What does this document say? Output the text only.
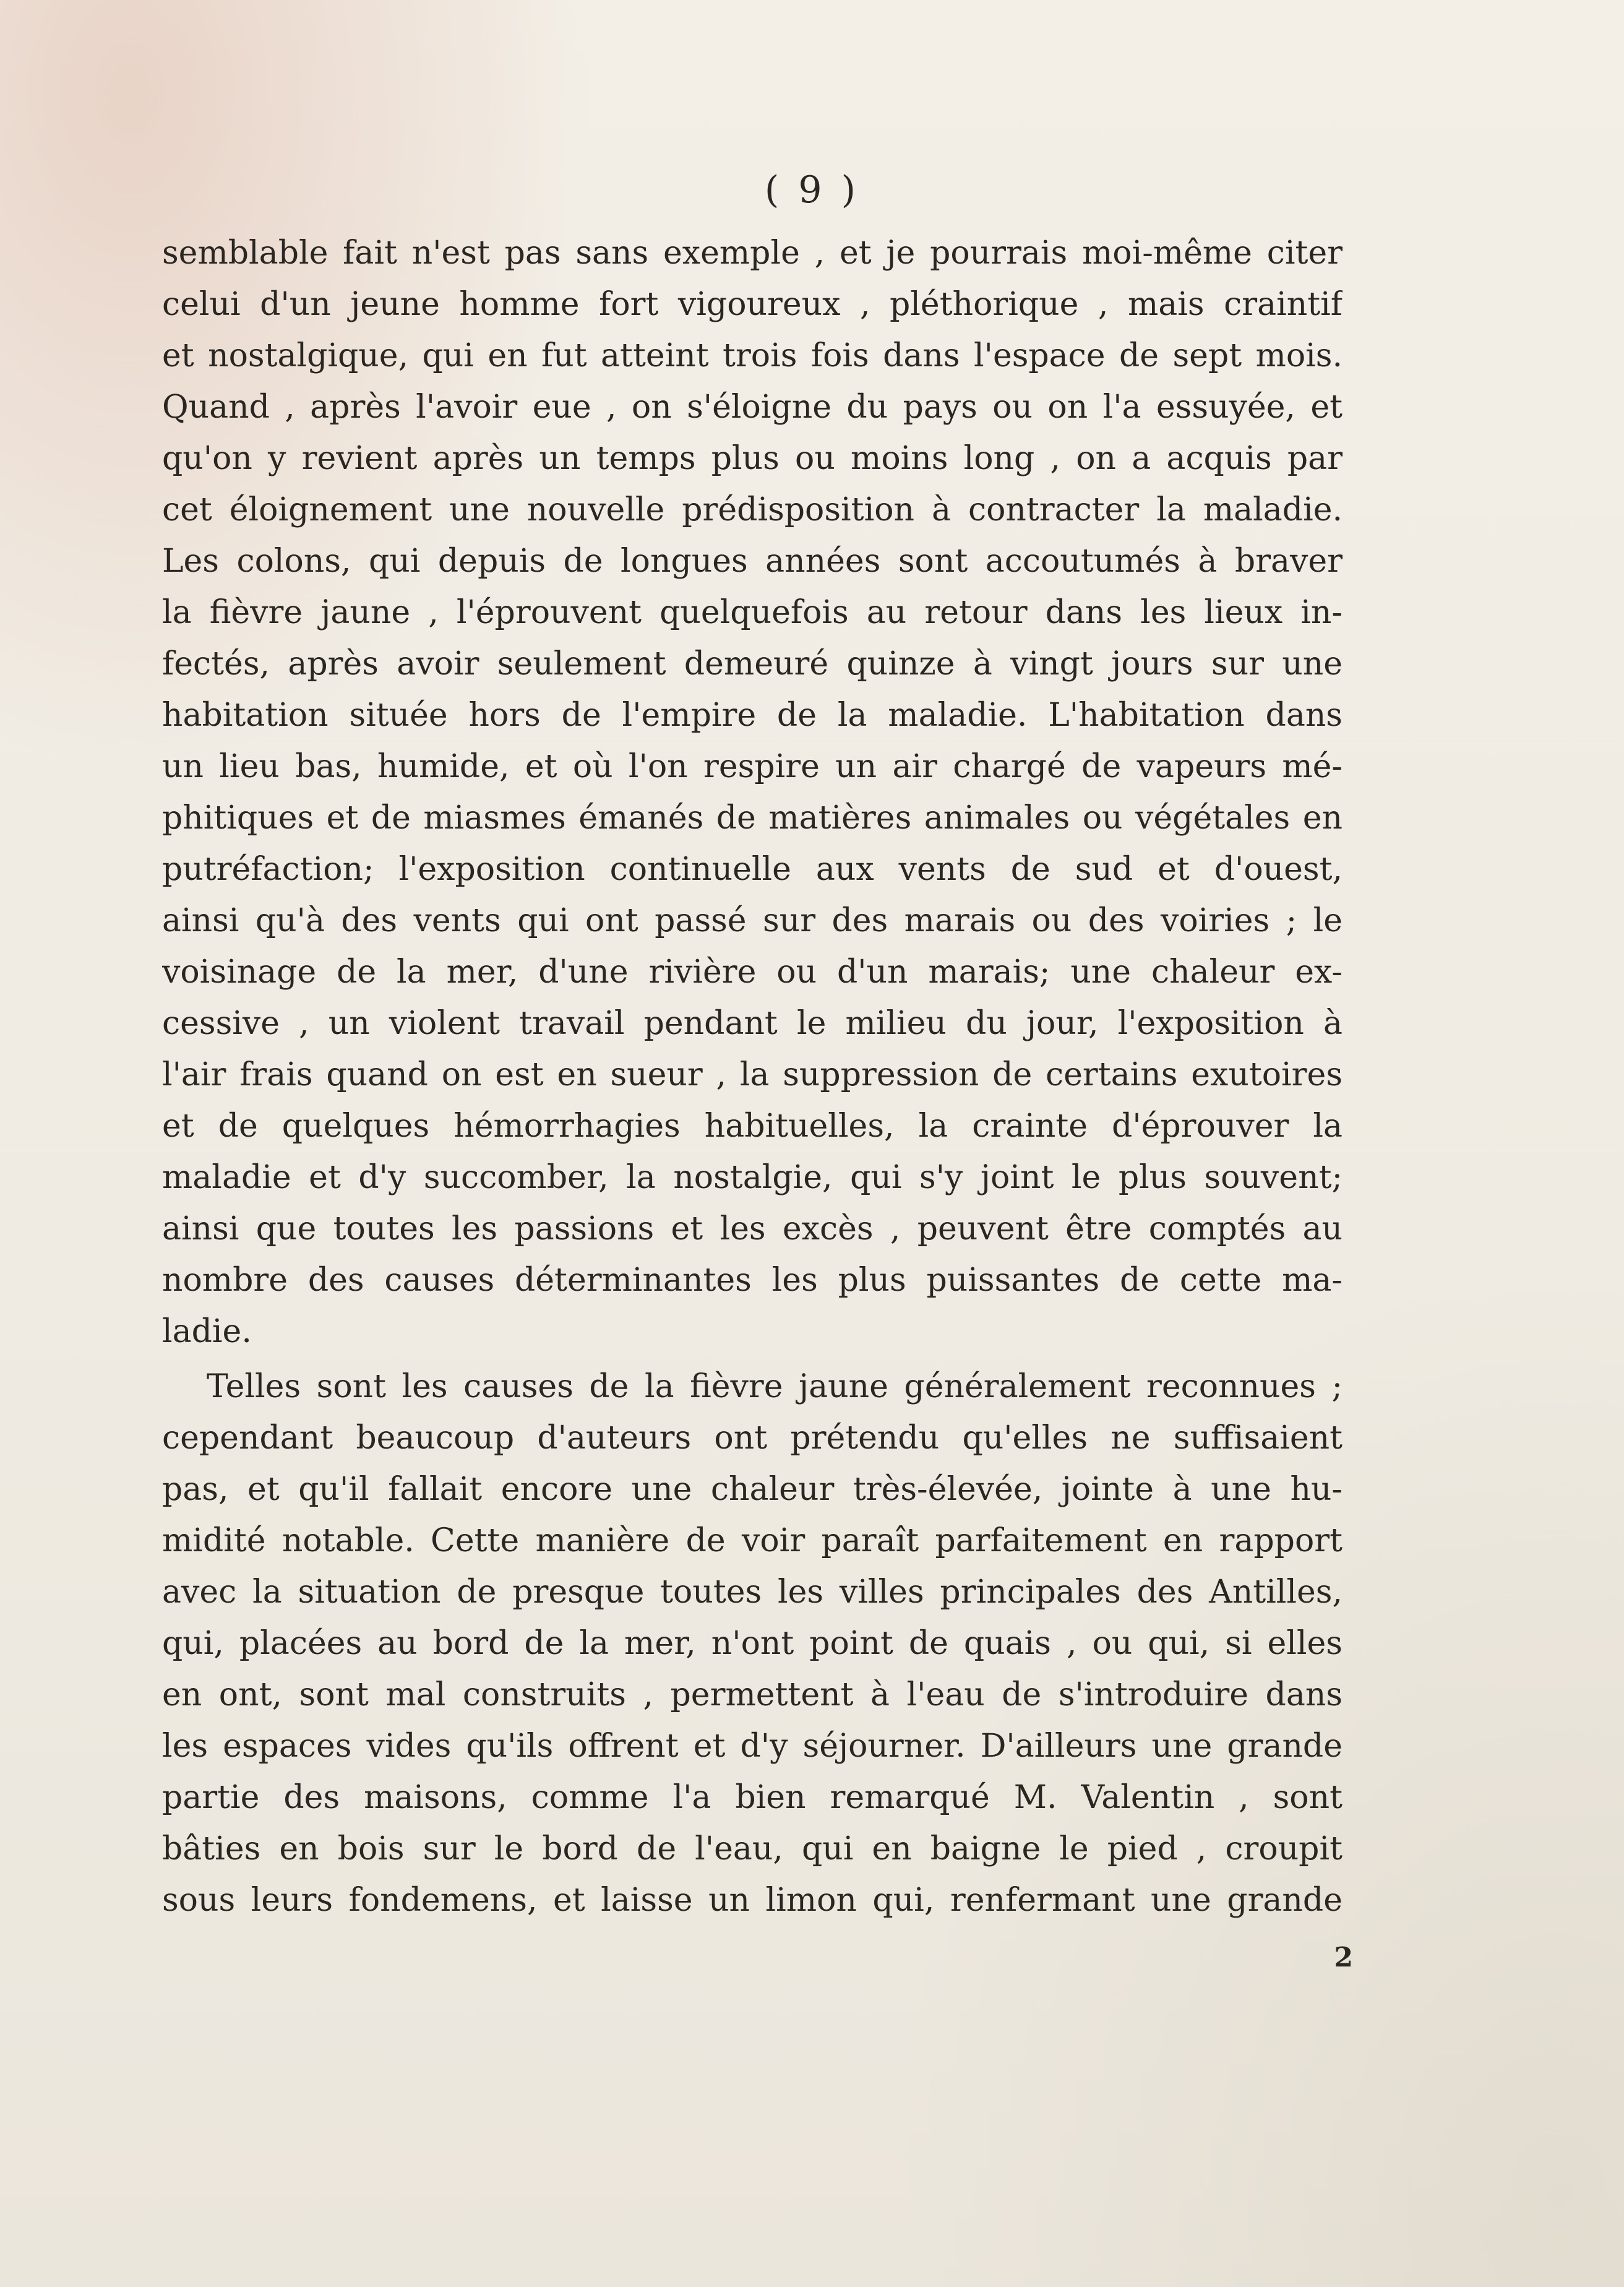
( 9 )
semblable fait n'est pas sans exemple , et je pourrais moi-même citer
celui d'un jeune homme fort vigoureux , pléthorique , mais craintif
et nostalgique, qui en fut atteint trois fois dans l'espace de sept mois.
Quand , après l'avoir eue , on s'éloigne du pays ou on l'a essuyée, et
qu'on y revient après un temps plus ou moins long , on a acquis par
cet éloignement une nouvelle prédisposition à contracter la maladie.
Les colons, qui depuis de longues années sont accoutumés à braver
la fièvre jaune , l'éprouvent quelquefois au retour dans les lieux in-
fectés, après avoir seulement demeuré quinze à vingt jours sur une
habitation située hors de l'empire de la maladie. L'habitation dans
un lieu bas, humide, et où l'on respire un air chargé de vapeurs mé-
phitiques et de miasmes émanés de matières animales ou végétales en
putréfaction; l'exposition continuelle aux vents de sud et d'ouest,
ainsi qu'à des vents qui ont passé sur des marais ou des voiries ; le
voisinage de la mer, d'une rivière ou d'un marais; une chaleur ex-
cessive , un violent travail pendant le milieu du jour, l'exposition à
l'air frais quand on est en sueur , la suppression de certains exutoires
et de quelques hémorrhagies habituelles, la crainte d'éprouver la
maladie et d'y succomber, la nostalgie, qui s'y joint le plus souvent;
ainsi que toutes les passions et les excès , peuvent être comptés au
nombre des causes déterminantes les plus puissantes de cette ma-
ladie.
Telles sont les causes de la fièvre jaune généralement reconnues ;
cependant beaucoup d'auteurs ont prétendu qu'elles ne suffisaient
pas, et qu'il fallait encore une chaleur très-élevée, jointe à une hu-
midité notable. Cette manière de voir paraît parfaitement en rapport
avec la situation de presque toutes les villes principales des Antilles,
qui, placées au bord de la mer, n'ont point de quais , ou qui, si elles
en ont, sont mal construits , permettent à l'eau de s'introduire dans
les espaces vides qu'ils offrent et d'y séjourner. D'ailleurs une grande
partie des maisons, comme l'a bien remarqué M. Valentin , sont
bâties en bois sur le bord de l'eau, qui en baigne le pied , croupit
sous leurs fondemens, et laisse un limon qui, renfermant une grande
2
